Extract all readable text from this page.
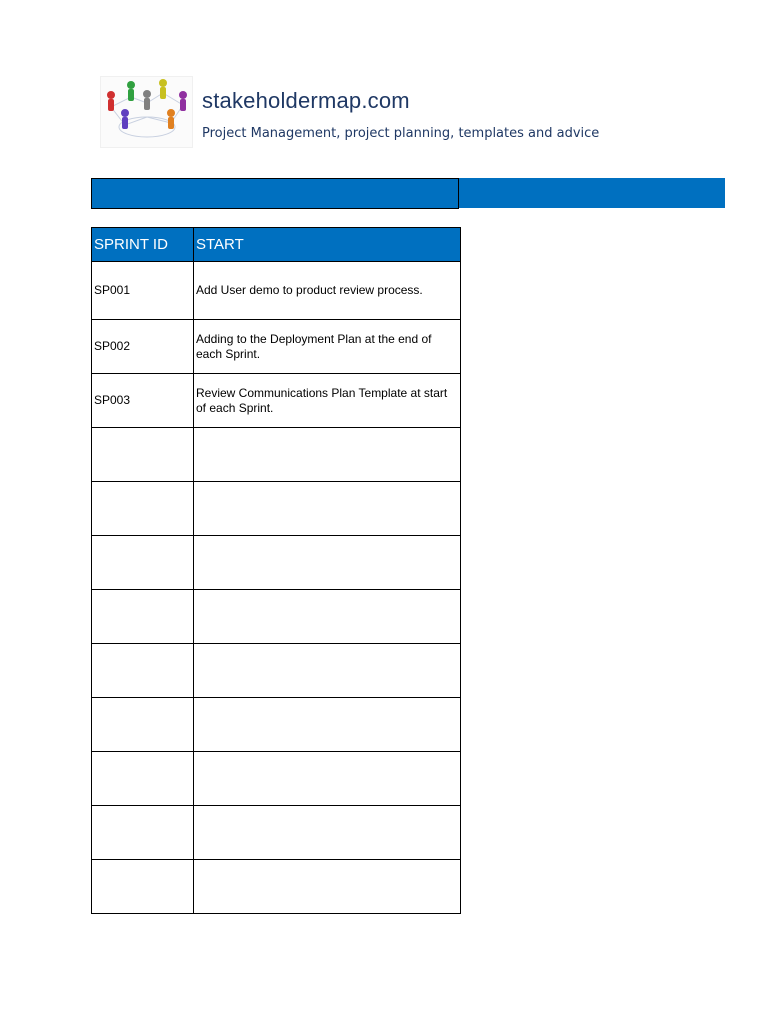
stakeholdermap.com
Project Management, project planning, templates and advice
SPRINT ID	START
SP001	Add User demo to product review process.
SP002	Adding to the Deployment Plan at the end of each Sprint.
SP003	Review Communications Plan Template at start of each Sprint.
